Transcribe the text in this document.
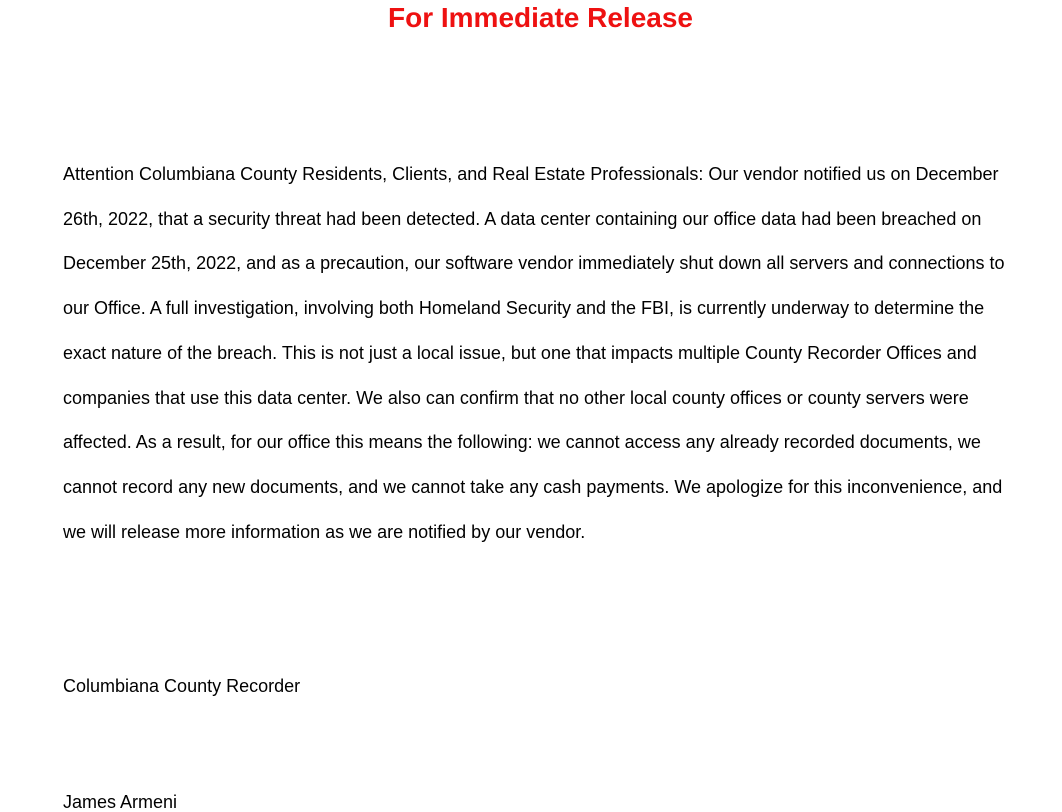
For Immediate Release

Attention Columbiana County Residents, Clients, and Real Estate Professionals: Our vendor notified us on December 26th, 2022, that a security threat had been detected. A data center containing our office data had been breached on December 25th, 2022, and as a precaution, our software vendor immediately shut down all servers and connections to our Office. A full investigation, involving both Homeland Security and the FBI, is currently underway to determine the exact nature of the breach. This is not just a local issue, but one that impacts multiple County Recorder Offices and companies that use this data center. We also can confirm that no other local county offices or county servers were affected. As a result, for our office this means the following: we cannot access any already recorded documents, we cannot record any new documents, and we cannot take any cash payments. We apologize for this inconvenience, and we will release more information as we are notified by our vendor.

Columbiana County Recorder

James Armeni
